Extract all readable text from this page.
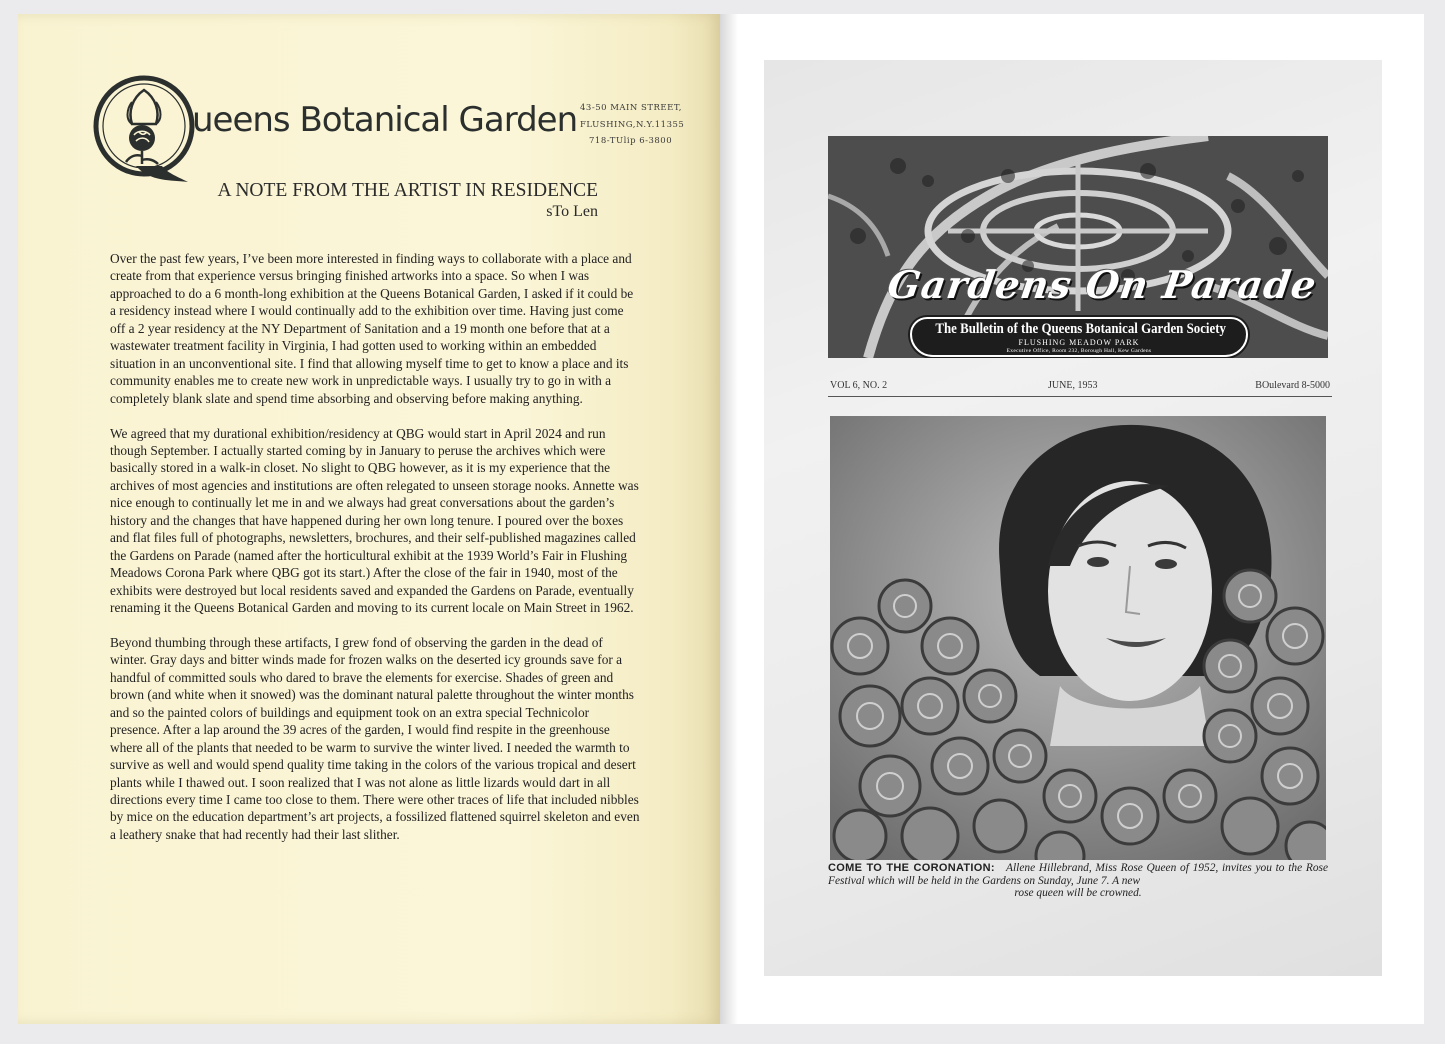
ueens Botanical Garden 43-50 MAIN STREET,
FLUSHING,N.Y.11355
718-TUlip 6-3800
A NOTE FROM THE ARTIST IN RESIDENCE
sTo Len

Over the past few years, I’ve been more interested in finding ways to collaborate with a place and create from that experience versus bringing finished artworks into a space. So when I was approached to do a 6 month-long exhibition at the Queens Botanical Garden, I asked if it could be a residency instead where I would continually add to the exhibition over time. Having just come off a 2 year residency at the NY Department of Sanitation and a 19 month one before that at a wastewater treatment facility in Virginia, I had gotten used to working within an embedded situation in an unconventional site. I find that allowing myself time to get to know a place and its community enables me to create new work in unpredictable ways. I usually try to go in with a completely blank slate and spend time absorbing and observing before making anything.

We agreed that my durational exhibition/residency at QBG would start in April 2024 and run though September. I actually started coming by in January to peruse the archives which were basically stored in a walk-in closet. No slight to QBG however, as it is my experience that the archives of most agencies and institutions are often relegated to unseen storage nooks. Annette was nice enough to continually let me in and we always had great conversations about the garden’s history and the changes that have happened during her own long tenure. I poured over the boxes and flat files full of photographs, newsletters, brochures, and their self-published magazines called the Gardens on Parade (named after the horticultural exhibit at the 1939 World’s Fair in Flushing Meadows Corona Park where QBG got its start.) After the close of the fair in 1940, most of the exhibits were destroyed but local residents saved and expanded the Gardens on Parade, eventually renaming it the Queens Botanical Garden and moving to its current locale on Main Street in 1962.

Beyond thumbing through these artifacts, I grew fond of observing the garden in the dead of winter. Gray days and bitter winds made for frozen walks on the deserted icy grounds save for a handful of committed souls who dared to brave the elements for exercise. Shades of green and brown (and white when it snowed) was the dominant natural palette throughout the winter months and so the painted colors of buildings and equipment took on an extra special Technicolor presence. After a lap around the 39 acres of the garden, I would find respite in the greenhouse where all of the plants that needed to be warm to survive the winter lived. I needed the warmth to survive as well and would spend quality time taking in the colors of the various tropical and desert plants while I thawed out. I soon realized that I was not alone as little lizards would dart in all directions every time I came too close to them. There were other traces of life that included nibbles by mice on the education department’s art projects, a fossilized flattened squirrel skeleton and even a leathery snake that had recently had their last slither.

Gardens On Parade
The Bulletin of the Queens Botanical Garden Society
FLUSHING MEADOW PARK
Executive Office, Room 232, Borough Hall, Kew Gardens
VOL 6, NO. 2	JUNE, 1953	BOulevard 8-5000
COME TO THE CORONATION: Allene Hillebrand, Miss Rose Queen of 1952, invites you to the Rose Festival which will be held in the Gardens on Sunday, June 7. A new
rose queen will be crowned.
